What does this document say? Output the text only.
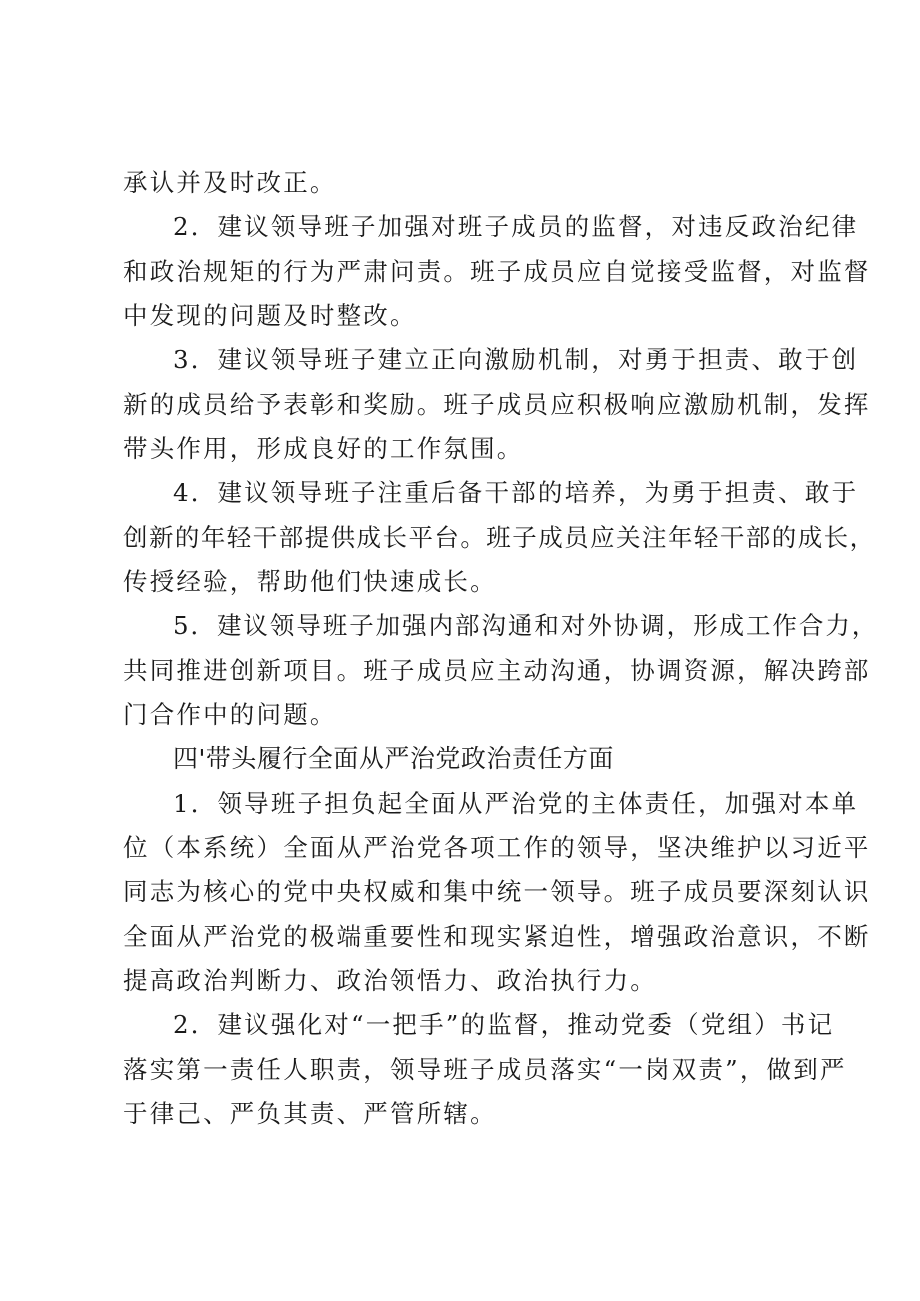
承认并及时改正。
2．建议领导班子加强对班子成员的监督，对违反政治纪律
和政治规矩的行为严肃问责。班子成员应自觉接受监督，对监督
中发现的问题及时整改。
3．建议领导班子建立正向激励机制，对勇于担责、敢于创
新的成员给予表彰和奖励。班子成员应积极响应激励机制，发挥
带头作用，形成良好的工作氛围。
4．建议领导班子注重后备干部的培养，为勇于担责、敢于
创新的年轻干部提供成长平台。班子成员应关注年轻干部的成长，
传授经验，帮助他们快速成长。
5．建议领导班子加强内部沟通和对外协调，形成工作合力，
共同推进创新项目。班子成员应主动沟通，协调资源，解决跨部
门合作中的问题。
四'带头履行全面从严治党政治责任方面
1．领导班子担负起全面从严治党的主体责任，加强对本单
位（本系统）全面从严治党各项工作的领导，坚决维护以习近平
同志为核心的党中央权威和集中统一领导。班子成员要深刻认识
全面从严治党的极端重要性和现实紧迫性，增强政治意识，不断
提高政治判断力、政治领悟力、政治执行力。
2．建议强化对“一把手”的监督，推动党委（党组）书记
落实第一责任人职责，领导班子成员落实“一岗双责”，做到严
于律己、严负其责、严管所辖。
